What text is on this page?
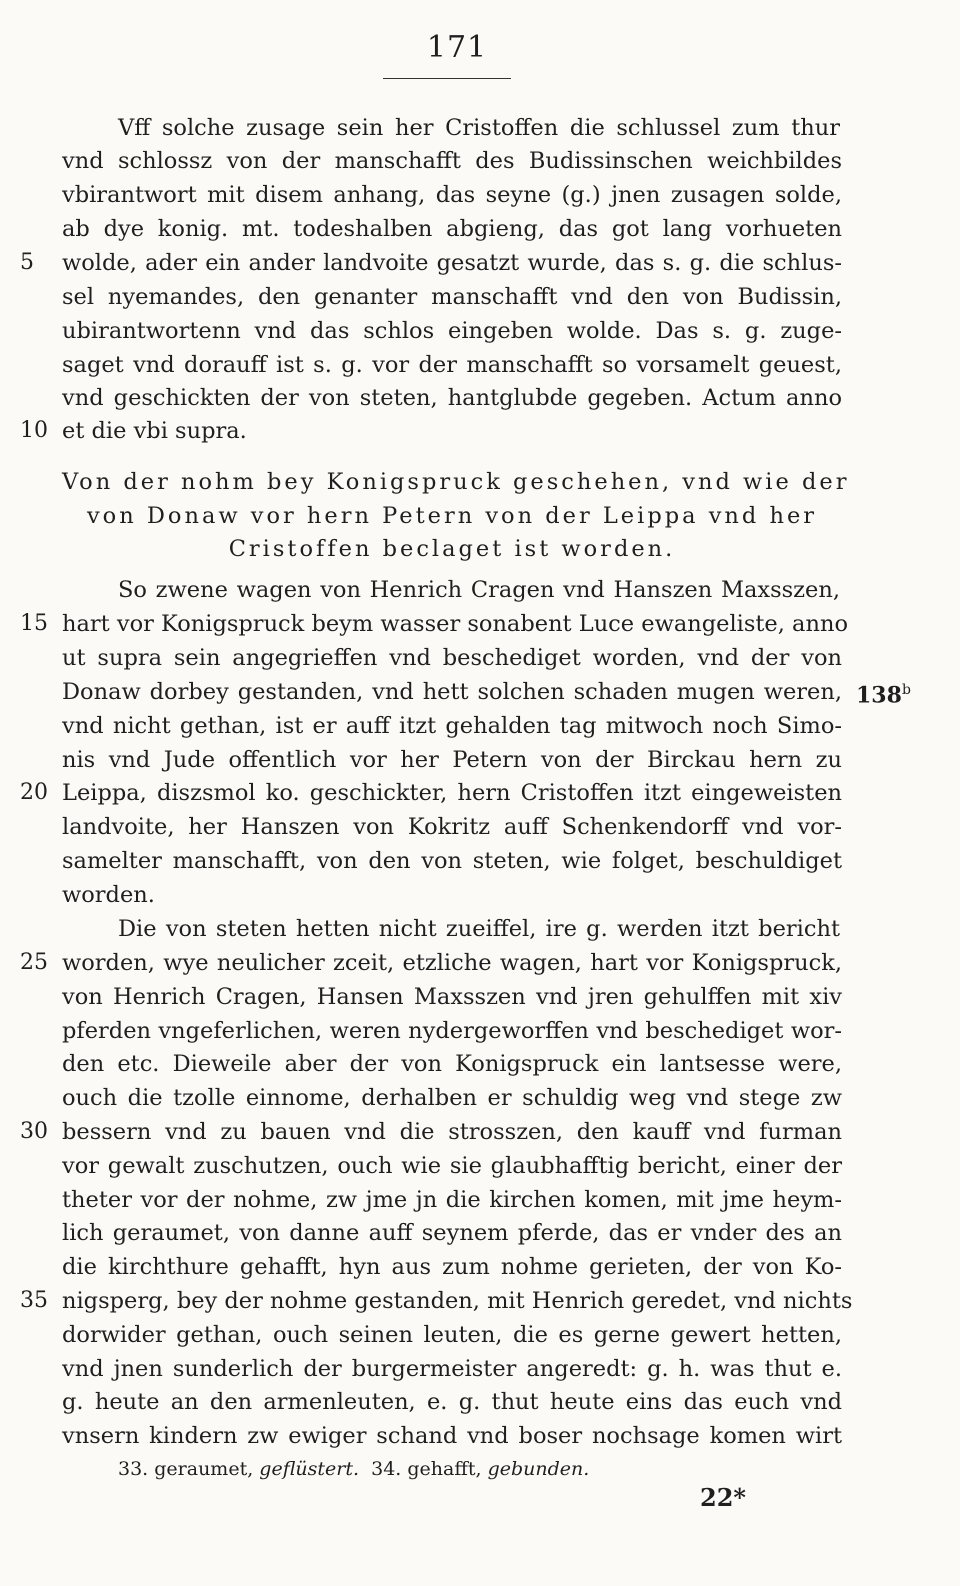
171
Vff solche zusage sein her Cristoffen die schlussel zum thur
vnd schlossz von der manschafft des Budissinschen weichbildes
vbirantwort mit disem anhang, das seyne (g.) jnen zusagen solde,
ab dye konig. mt. todeshalben abgieng, das got lang vorhueten
5	wolde, ader ein ander landvoite gesatzt wurde, das s. g. die schlus-
sel nyemandes, den genanter manschafft vnd den von Budissin,
ubirantwortenn vnd das schlos eingeben wolde. Das s. g. zuge-
saget vnd dorauff ist s. g. vor der manschafft so vorsamelt geuest,
vnd geschickten der von steten, hantglubde gegeben. Actum anno
10 et die vbi supra.
Von der nohm bey Konigspruck geschehen, vnd wie der
von Donaw vor hern Petern von der Leippa vnd her
Cristoffen beclaget ist worden.
So zwene wagen von Henrich Cragen vnd Hanszen Maxsszen,
15 hart vor Konigspruck beym wasser sonabent Luce ewangeliste, anno
ut supra sein angegrieffen vnd beschediget worden, vnd der von
Donaw dorbey gestanden, vnd hett solchen schaden mugen weren, 138$^b$
vnd nicht gethan, ist er auff itzt gehalden tag mitwoch noch Simo-
nis vnd Jude offentlich vor her Petern von der Birckau hern zu
20 Leippa, diszsmol ko. geschickter, hern Cristoffen itzt eingeweisten
landvoite, her Hanszen von Kokritz auff Schenkendorff vnd vor-
samelter manschafft, von den von steten, wie folget, beschuldiget
worden.
Die von steten hetten nicht zueiffel, ire g. werden itzt bericht
25 worden, wye neulicher zceit, etzliche wagen, hart vor Konigspruck,
von Henrich Cragen, Hansen Maxsszen vnd jren gehulffen mit xiv
pferden vngeferlichen, weren nydergeworffen vnd beschediget wor-
den etc. Dieweile aber der von Konigspruck ein lantsesse were,
ouch die tzolle einnome, derhalben er schuldig weg vnd stege zw
30 bessern vnd zu bauen vnd die strosszen, den kauff vnd furman
vor gewalt zuschutzen, ouch wie sie glaubhafftig bericht, einer der
theter vor der nohme, zw jme jn die kirchen komen, mit jme heym-
lich geraumet, von danne auff seynem pferde, das er vnder des an
die kirchthure gehafft, hyn aus zum nohme gerieten, der von Ko-
35 nigsperg, bey der nohme gestanden, mit Henrich geredet, vnd nichts
dorwider gethan, ouch seinen leuten, die es gerne gewert hetten,
vnd jnen sunderlich der burgermeister angeredt: g. h. was thut e.
g. heute an den armenleuten, e. g. thut heute eins das euch vnd
vnsern kindern zw ewiger schand vnd boser nochsage komen wirt
33. geraumet, geflüstert. 34. gehafft, gebunden.
22*
